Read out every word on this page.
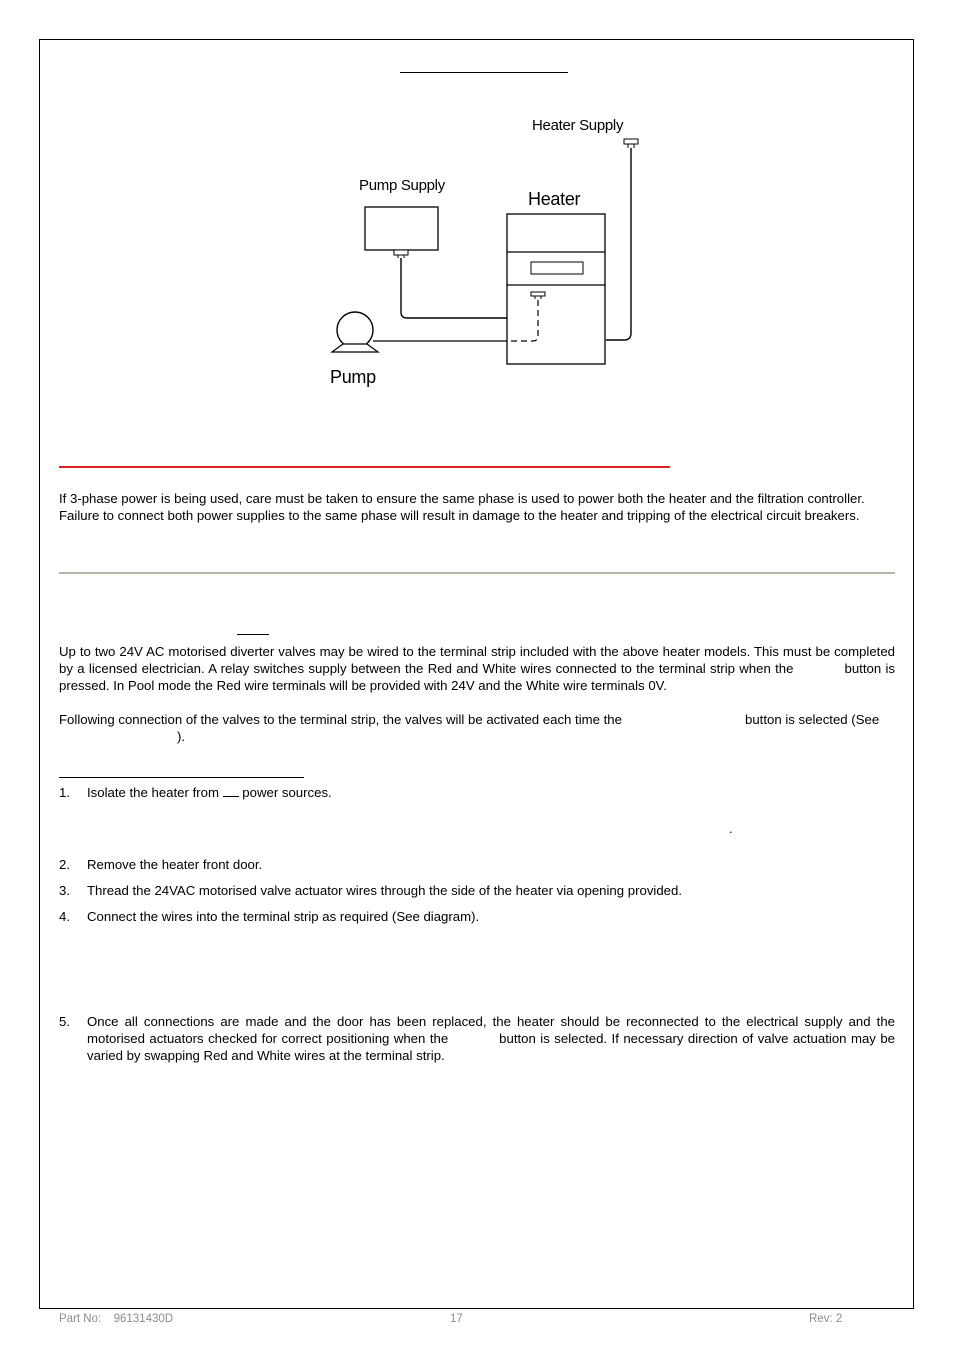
Heater Supply
Pump Supply
Heater
Pump
If 3-phase power is being used, care must be taken to ensure the same phase is used to power both the heater and the filtration controller. Failure to connect both power supplies to the same phase will result in damage to the heater and tripping of the electrical circuit breakers.
Up to two 24V AC motorised diverter valves may be wired to the terminal strip included with the above heater models. This must be completed by a licensed electrician. A relay switches supply between the Red and White wires connected to the terminal strip when the	button is pressed. In Pool mode the Red wire terminals will be provided with 24V and the White wire terminals 0V.
Following connection of the valves to the terminal strip, the valves will be activated each time the	button is selected (See
).
1. Isolate the heater from power sources.
.
2. Remove the heater front door.
3. Thread the 24VAC motorised valve actuator wires through the side of the heater via opening provided.
4. Connect the wires into the terminal strip as required (See diagram).
5. Once all connections are made and the door has been replaced, the heater should be reconnected to the electrical supply and the motorised actuators checked for correct positioning when the	button is selected. If necessary direction of valve actuation may be varied by swapping Red and White wires at the terminal strip.
Part No: 96131430D	17	Rev: 2
